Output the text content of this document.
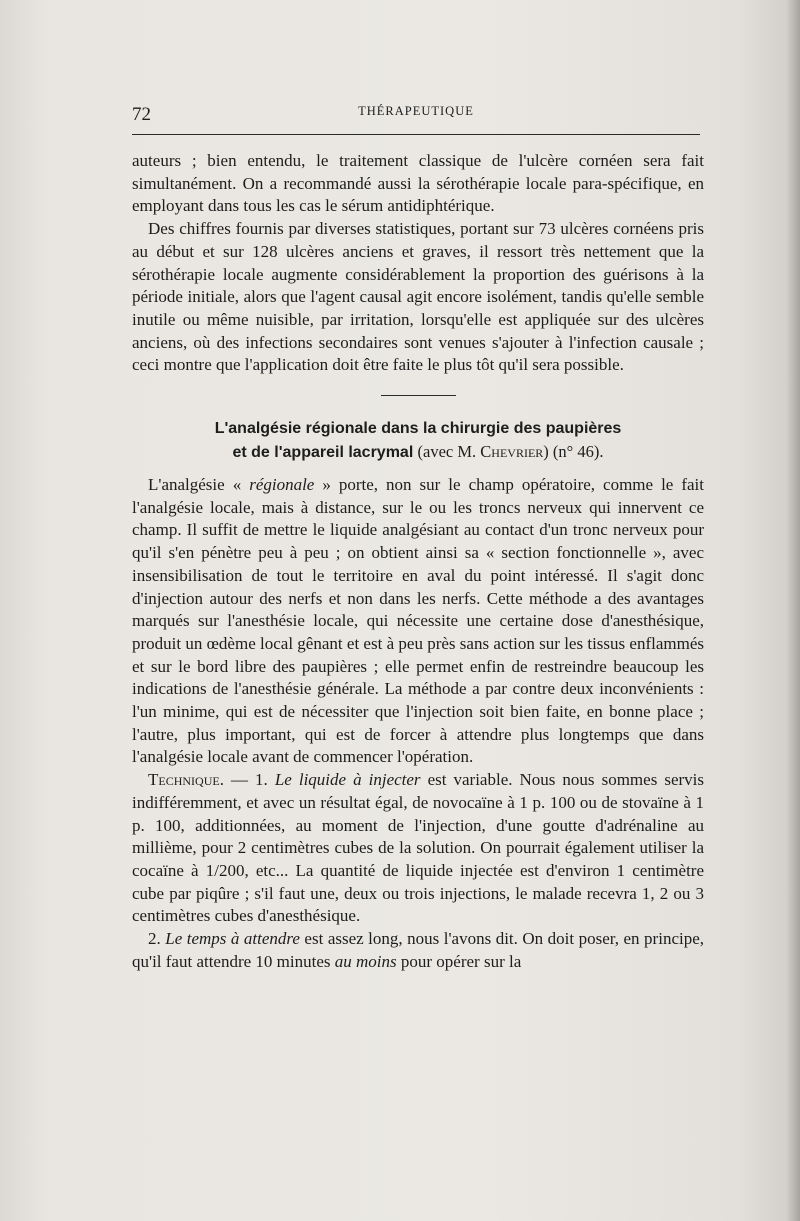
72	THÉRAPEUTIQUE

auteurs ; bien entendu, le traitement classique de l'ulcère cornéen sera fait simultanément. On a recommandé aussi la sérothérapie locale para-spécifique, en employant dans tous les cas le sérum antidiphtérique.

Des chiffres fournis par diverses statistiques, portant sur 73 ulcères cornéens pris au début et sur 128 ulcères anciens et graves, il ressort très nettement que la sérothérapie locale augmente considérablement la proportion des guérisons à la période initiale, alors que l'agent causal agit encore isolément, tandis qu'elle semble inutile ou même nuisible, par irritation, lorsqu'elle est appliquée sur des ulcères anciens, où des infections secondaires sont venues s'ajouter à l'infection causale ; ceci montre que l'application doit être faite le plus tôt qu'il sera possible.

L'analgésie régionale dans la chirurgie des paupières
et de l'appareil lacrymal (avec M. Chevrier) (n° 46).

L'analgésie « régionale » porte, non sur le champ opératoire, comme le fait l'analgésie locale, mais à distance, sur le ou les troncs nerveux qui innervent ce champ. Il suffit de mettre le liquide analgésiant au contact d'un tronc nerveux pour qu'il s'en pénètre peu à peu ; on obtient ainsi sa « section fonctionnelle », avec insensibilisation de tout le territoire en aval du point intéressé. Il s'agit donc d'injection autour des nerfs et non dans les nerfs. Cette méthode a des avantages marqués sur l'anesthésie locale, qui nécessite une certaine dose d'anesthésique, produit un œdème local gênant et est à peu près sans action sur les tissus enflammés et sur le bord libre des paupières ; elle permet enfin de restreindre beaucoup les indications de l'anesthésie générale. La méthode a par contre deux inconvénients : l'un minime, qui est de nécessiter que l'injection soit bien faite, en bonne place ; l'autre, plus important, qui est de forcer à attendre plus longtemps que dans l'analgésie locale avant de commencer l'opération.

Technique. — 1. Le liquide à injecter est variable. Nous nous sommes servis indifféremment, et avec un résultat égal, de novocaïne à 1 p. 100 ou de stovaïne à 1 p. 100, additionnées, au moment de l'injection, d'une goutte d'adrénaline au millième, pour 2 centimètres cubes de la solution. On pourrait également utiliser la cocaïne à 1/200, etc... La quantité de liquide injectée est d'environ 1 centimètre cube par piqûre ; s'il faut une, deux ou trois injections, le malade recevra 1, 2 ou 3 centimètres cubes d'anesthésique.

2. Le temps à attendre est assez long, nous l'avons dit. On doit poser, en principe, qu'il faut attendre 10 minutes au moins pour opérer sur la
